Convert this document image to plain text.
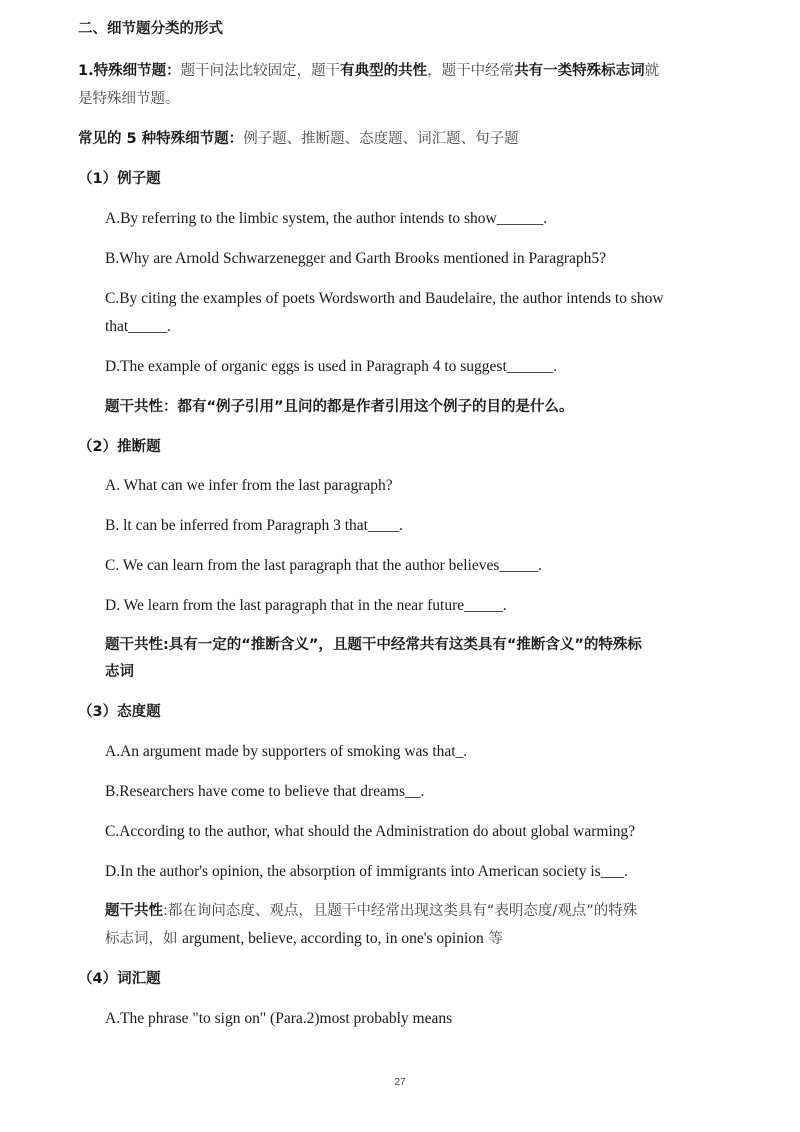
二、细节题分类的形式
1.特殊细节题：题干问法比较固定，题干有典型的共性，题干中经常共有一类特殊标志词就
是特殊细节题。
常见的 5 种特殊细节题：例子题、推断题、态度题、词汇题、句子题
（1）例子题
A.By referring to the limbic system, the author intends to show______.
B.Why are Arnold Schwarzenegger and Garth Brooks mentioned in Paragraph5?
C.By citing the examples of poets Wordsworth and Baudelaire, the author intends to show
that_____.
D.The example of organic eggs is used in Paragraph 4 to suggest______.
题干共性：都有“例子引用”且问的都是作者引用这个例子的目的是什么。
（2）推断题
A. What can we infer from the last paragraph?
B. lt can be inferred from Paragraph 3 that____.
C. We can learn from the last paragraph that the author believes_____.
D. We learn from the last paragraph that in the near future_____.
题干共性:具有一定的“推断含义”，且题干中经常共有这类具有“推断含义”的特殊标
志词
（3）态度题
A.An argument made by supporters of smoking was that_.
B.Researchers have come to believe that dreams__.
C.According to the author, what should the Administration do about global warming?
D.In the author's opinion, the absorption of immigrants into American society is___.
题干共性:都在询问态度、观点，且题干中经常出现这类具有“表明态度/观点”的特殊
标志词，如 argument, believe, according to, in one's opinion 等
（4）词汇题
A.The phrase "to sign on" (Para.2)most probably means
27
